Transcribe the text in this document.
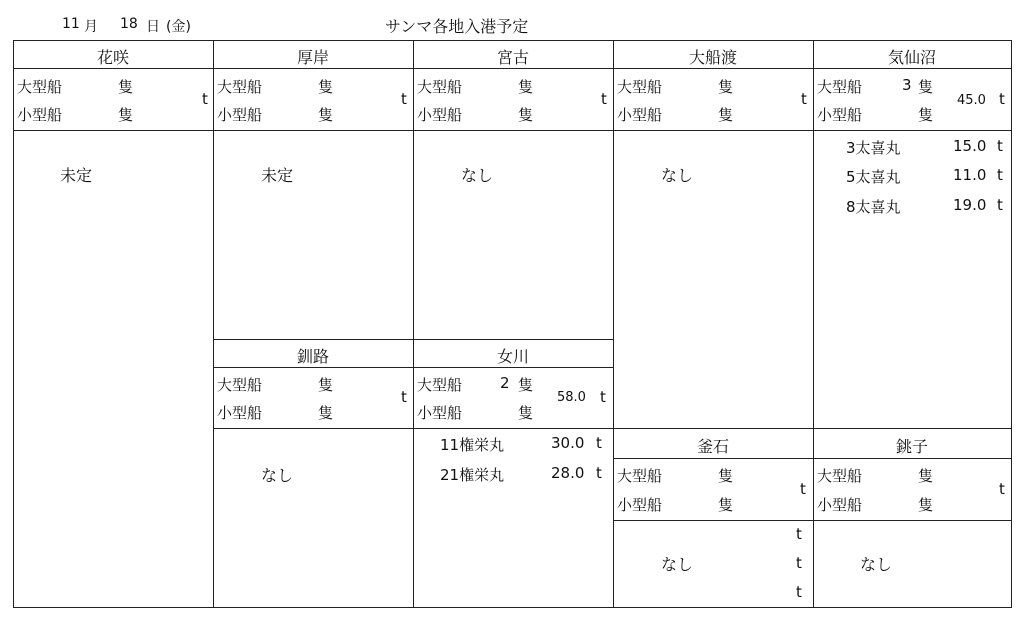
11 月 18 日 (金)	サンマ各地入港予定
花咲
大型船	隻
小型船	隻
t
未定
厚岸
大型船	隻
小型船	隻
t
未定
宮古
大型船	隻
小型船	隻
t
なし
大船渡
大型船	隻
小型船	隻
t
なし
気仙沼
大型船	3 隻
小型船	隻
45.0 t
3太喜丸	15.0 t
5太喜丸	11.0 t
8太喜丸	19.0 t
釧路
大型船	隻
小型船	隻
t
なし
女川
大型船	2 隻
小型船	隻
58.0 t
11権栄丸	30.0 t
21権栄丸	28.0 t
釜石
大型船	隻
小型船	隻
t
t
t
t
なし
銚子
大型船	隻
小型船	隻
t
なし
